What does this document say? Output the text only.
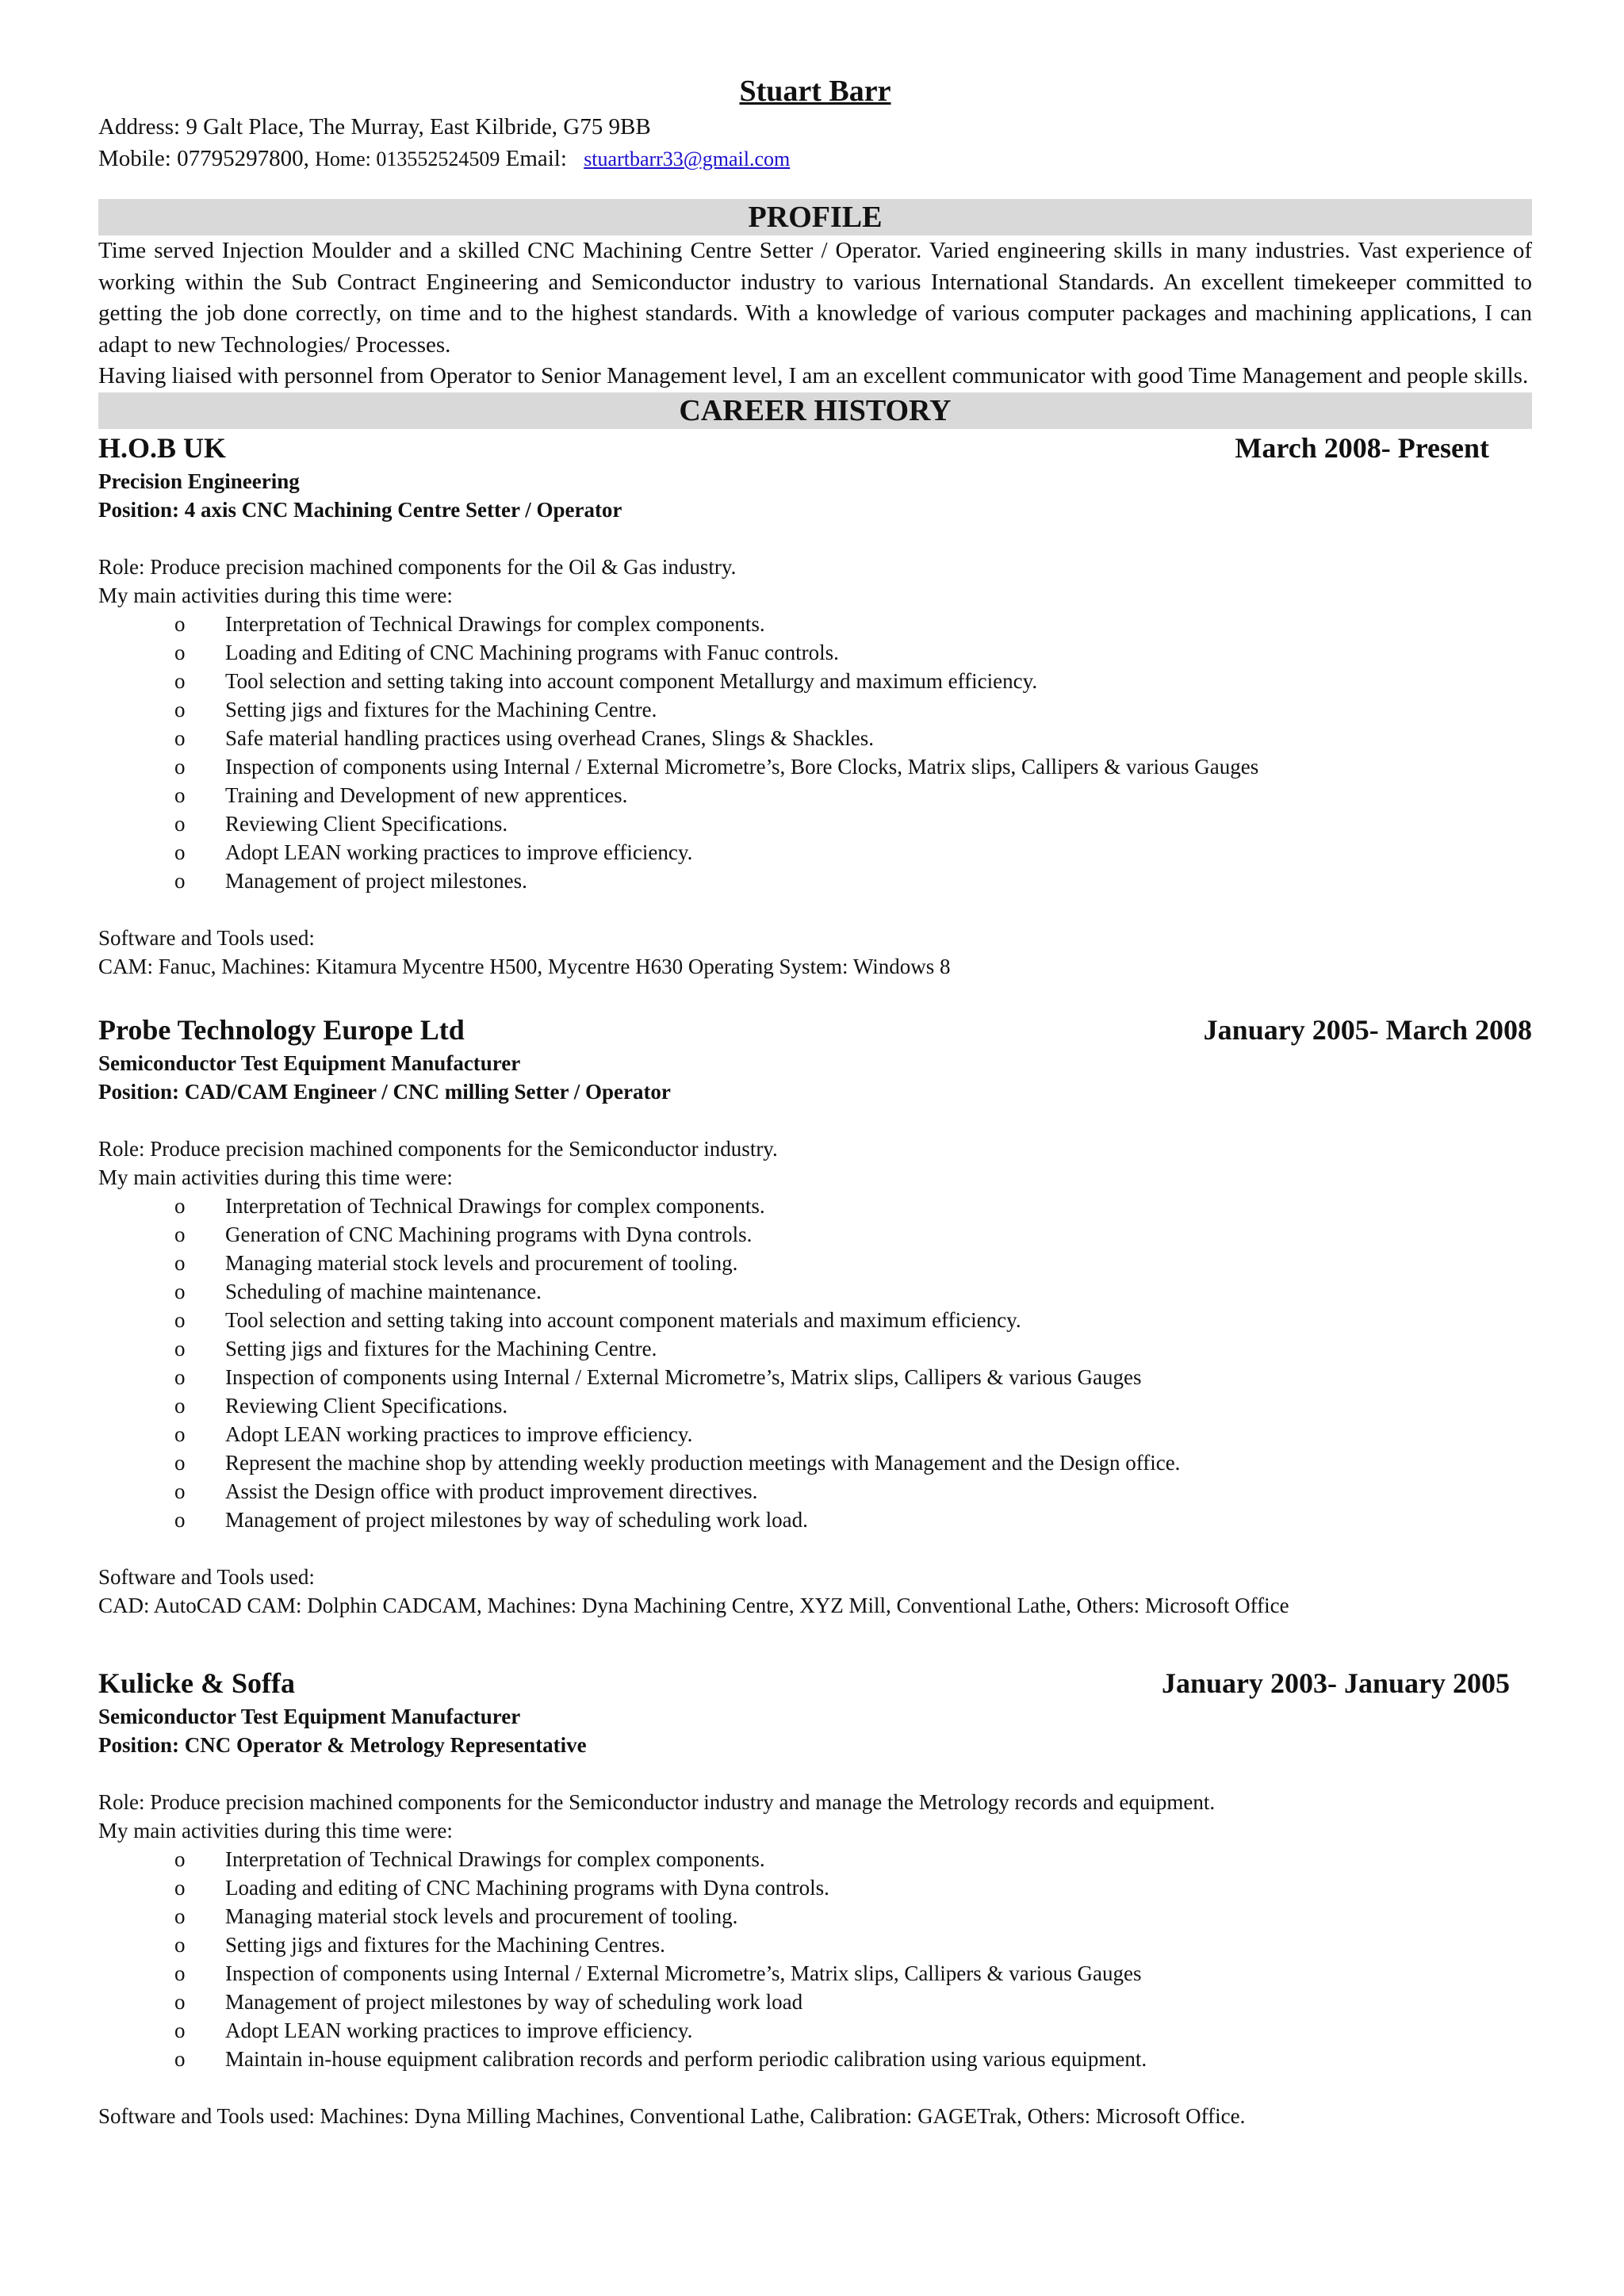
Stuart Barr

Address: 9 Galt Place, The Murray, East Kilbride, G75 9BB

Mobile: 07795297800, Home: 013552524509 Email: stuartbarr33@gmail.com

PROFILE

Time served Injection Moulder and a skilled CNC Machining Centre Setter / Operator. Varied engineering skills in many industries. Vast experience of working within the Sub Contract Engineering and Semiconductor industry to various International Standards. An excellent timekeeper committed to getting the job done correctly, on time and to the highest standards. With a knowledge of various computer packages and machining applications, I can adapt to new Technologies/ Processes.

Having liaised with personnel from Operator to Senior Management level, I am an excellent communicator with good Time Management and people skills.

CAREER HISTORY

H.O.B UK	March 2008- Present

Precision Engineering

Position: 4 axis CNC Machining Centre Setter / Operator

Role: Produce precision machined components for the Oil & Gas industry.

My main activities during this time were:

o	Interpretation of Technical Drawings for complex components.
o	Loading and Editing of CNC Machining programs with Fanuc controls.
o	Tool selection and setting taking into account component Metallurgy and maximum efficiency.
o	Setting jigs and fixtures for the Machining Centre.
o	Safe material handling practices using overhead Cranes, Slings & Shackles.
o	Inspection of components using Internal / External Micrometre’s, Bore Clocks, Matrix slips, Callipers & various Gauges
o	Training and Development of new apprentices.
o	Reviewing Client Specifications.
o	Adopt LEAN working practices to improve efficiency.
o	Management of project milestones.

Software and Tools used:

CAM: Fanuc, Machines: Kitamura Mycentre H500, Mycentre H630 Operating System: Windows 8

Probe Technology Europe Ltd	January 2005- March 2008

Semiconductor Test Equipment Manufacturer

Position: CAD/CAM Engineer / CNC milling Setter / Operator

Role: Produce precision machined components for the Semiconductor industry.

My main activities during this time were:

o	Interpretation of Technical Drawings for complex components.
o	Generation of CNC Machining programs with Dyna controls.
o	Managing material stock levels and procurement of tooling.
o	Scheduling of machine maintenance.
o	Tool selection and setting taking into account component materials and maximum efficiency.
o	Setting jigs and fixtures for the Machining Centre.
o	Inspection of components using Internal / External Micrometre’s, Matrix slips, Callipers & various Gauges
o	Reviewing Client Specifications.
o	Adopt LEAN working practices to improve efficiency.
o	Represent the machine shop by attending weekly production meetings with Management and the Design office.
o	Assist the Design office with product improvement directives.
o	Management of project milestones by way of scheduling work load.

Software and Tools used:

CAD: AutoCAD CAM: Dolphin CADCAM, Machines: Dyna Machining Centre, XYZ Mill, Conventional Lathe, Others: Microsoft Office

Kulicke & Soffa	January 2003- January 2005

Semiconductor Test Equipment Manufacturer

Position: CNC Operator & Metrology Representative

Role: Produce precision machined components for the Semiconductor industry and manage the Metrology records and equipment.

My main activities during this time were:

o	Interpretation of Technical Drawings for complex components.
o	Loading and editing of CNC Machining programs with Dyna controls.
o	Managing material stock levels and procurement of tooling.
o	Setting jigs and fixtures for the Machining Centres.
o	Inspection of components using Internal / External Micrometre’s, Matrix slips, Callipers & various Gauges
o	Management of project milestones by way of scheduling work load
o	Adopt LEAN working practices to improve efficiency.
o	Maintain in-house equipment calibration records and perform periodic calibration using various equipment.

Software and Tools used: Machines: Dyna Milling Machines, Conventional Lathe, Calibration: GAGETrak, Others: Microsoft Office.
